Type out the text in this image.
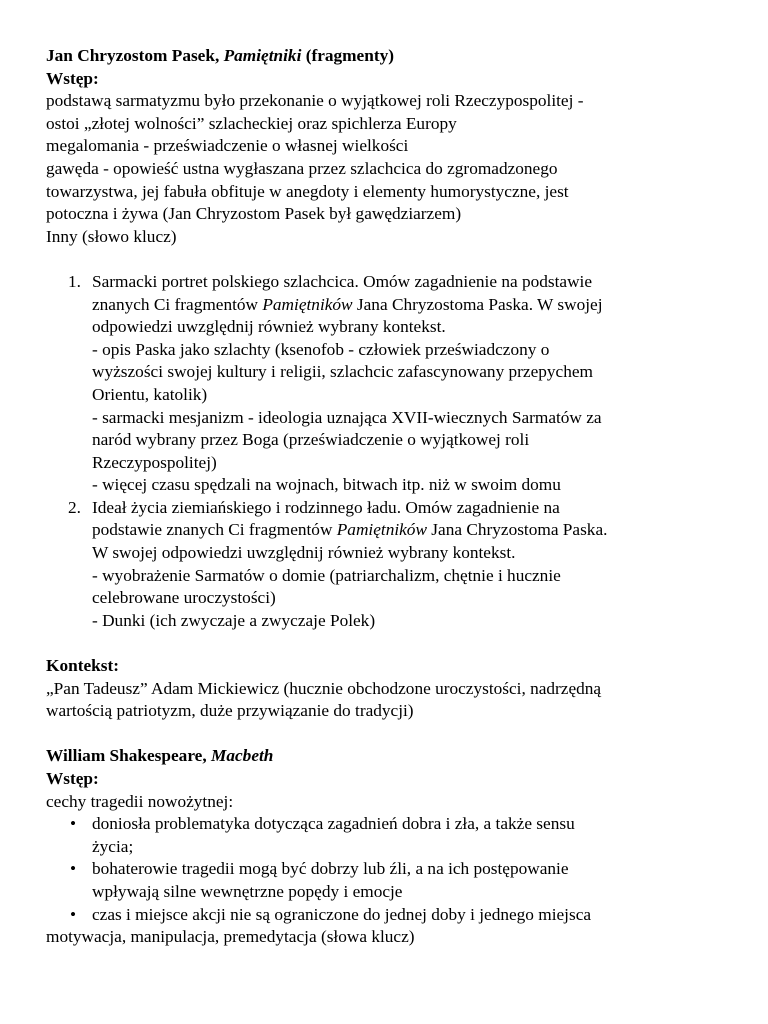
Jan Chryzostom Pasek, Pamiętniki (fragmenty)

Wstęp:

podstawą sarmatyzmu było przekonanie o wyjątkowej roli Rzeczypospolitej -

ostoi „złotej wolności” szlacheckiej oraz spichlerza Europy

megalomania - przeświadczenie o własnej wielkości

gawęda - opowieść ustna wygłaszana przez szlachcica do zgromadzonego

towarzystwa, jej fabuła obfituje w anegdoty i elementy humorystyczne, jest

potoczna i żywa (Jan Chryzostom Pasek był gawędziarzem)

Inny (słowo klucz)

1. Sarmacki portret polskiego szlachcica. Omów zagadnienie na podstawie

znanych Ci fragmentów Pamiętników Jana Chryzostoma Paska. W swojej

odpowiedzi uwzględnij również wybrany kontekst.

- opis Paska jako szlachty (ksenofob - człowiek przeświadczony o

wyższości swojej kultury i religii, szlachcic zafascynowany przepychem

Orientu, katolik)

- sarmacki mesjanizm - ideologia uznająca XVII-wiecznych Sarmatów za

naród wybrany przez Boga (przeświadczenie o wyjątkowej roli

Rzeczypospolitej)

- więcej czasu spędzali na wojnach, bitwach itp. niż w swoim domu

2. Ideał życia ziemiańskiego i rodzinnego ładu. Omów zagadnienie na

podstawie znanych Ci fragmentów Pamiętników Jana Chryzostoma Paska.

W swojej odpowiedzi uwzględnij również wybrany kontekst.

- wyobrażenie Sarmatów o domie (patriarchalizm, chętnie i hucznie

celebrowane uroczystości)

- Dunki (ich zwyczaje a zwyczaje Polek)

Kontekst:

„Pan Tadeusz” Adam Mickiewicz (hucznie obchodzone uroczystości, nadrzędną

wartością patriotyzm, duże przywiązanie do tradycji)

William Shakespeare, Macbeth

Wstęp:

cechy tragedii nowożytnej:

• doniosła problematyka dotycząca zagadnień dobra i zła, a także sensu

życia;

• bohaterowie tragedii mogą być dobrzy lub źli, a na ich postępowanie

wpływają silne wewnętrzne popędy i emocje

• czas i miejsce akcji nie są ograniczone do jednej doby i jednego miejsca

motywacja, manipulacja, premedytacja (słowa klucz)
